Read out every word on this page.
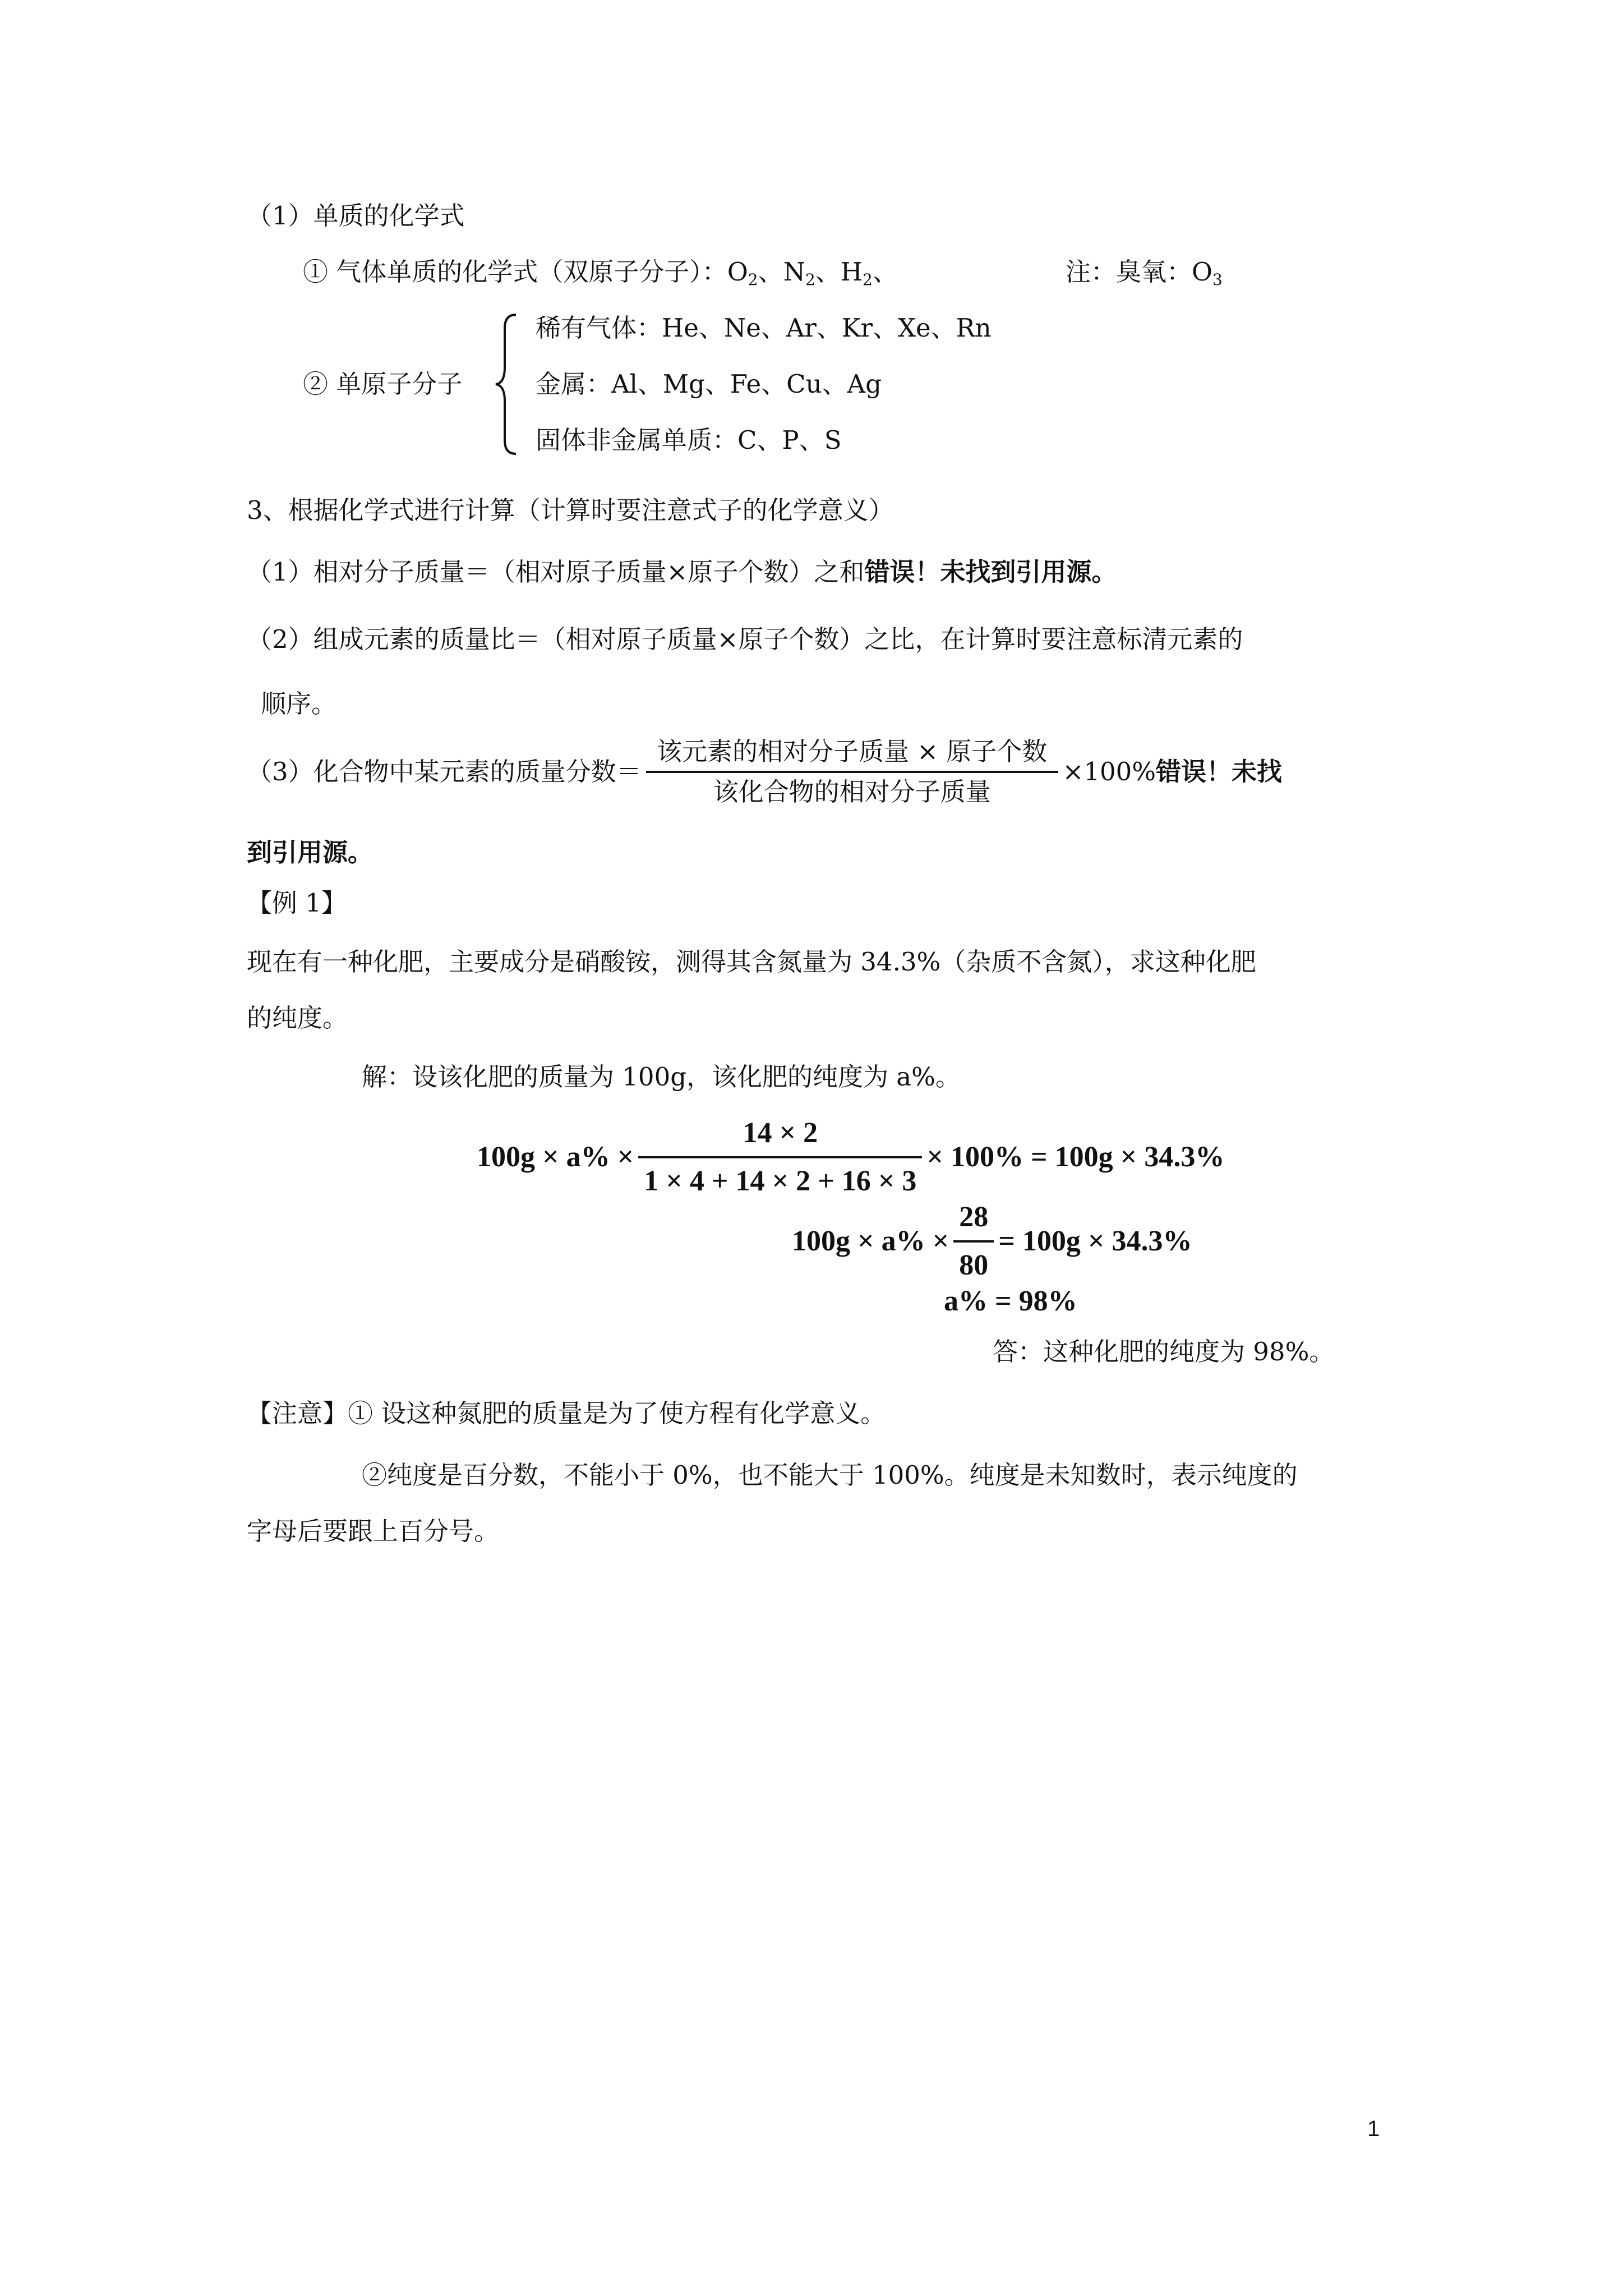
（1）单质的化学式
① 气体单质的化学式（双原子分子）：$O_2$、$N_2$、$H_2$、	注：臭氧：$O_3$
② 单原子分子
稀有气体：He、Ne、Ar、Kr、Xe、Rn
金属：Al、Mg、Fe、Cu、Ag
固体非金属单质：C、P、S
3、根据化学式进行计算（计算时要注意式子的化学意义）
（1）相对分子质量＝（相对原子质量×原子个数）之和错误！未找到引用源。
（2）组成元素的质量比＝（相对原子质量×原子个数）之比，在计算时要注意标清元素的
顺序。
（3）化合物中某元素的质量分数＝ $\frac{\text{该元素的相对分子质量 × 原子个数}}{\text{该化合物的相对分子质量}} \times 100\%$错误！未找
到引用源。
【例 1】
现在有一种化肥，主要成分是硝酸铵，测得其含氮量为 34.3%（杂质不含氮），求这种化肥
的纯度。
解：设该化肥的质量为 100g，该化肥的纯度为 a%。
$100g \times a\% \times \frac{14 \times 2}{1 \times 4 + 14 \times 2 + 16 \times 3} \times 100\% = 100g \times 34.3\%$
$100g \times a\% \times \frac{28}{80} = 100g \times 34.3\%$
a% = 98%
答：这种化肥的纯度为 98%。
【注意】① 设这种氮肥的质量是为了使方程有化学意义。
②纯度是百分数，不能小于 0%，也不能大于 100%。纯度是未知数时，表示纯度的
字母后要跟上百分号。
1
